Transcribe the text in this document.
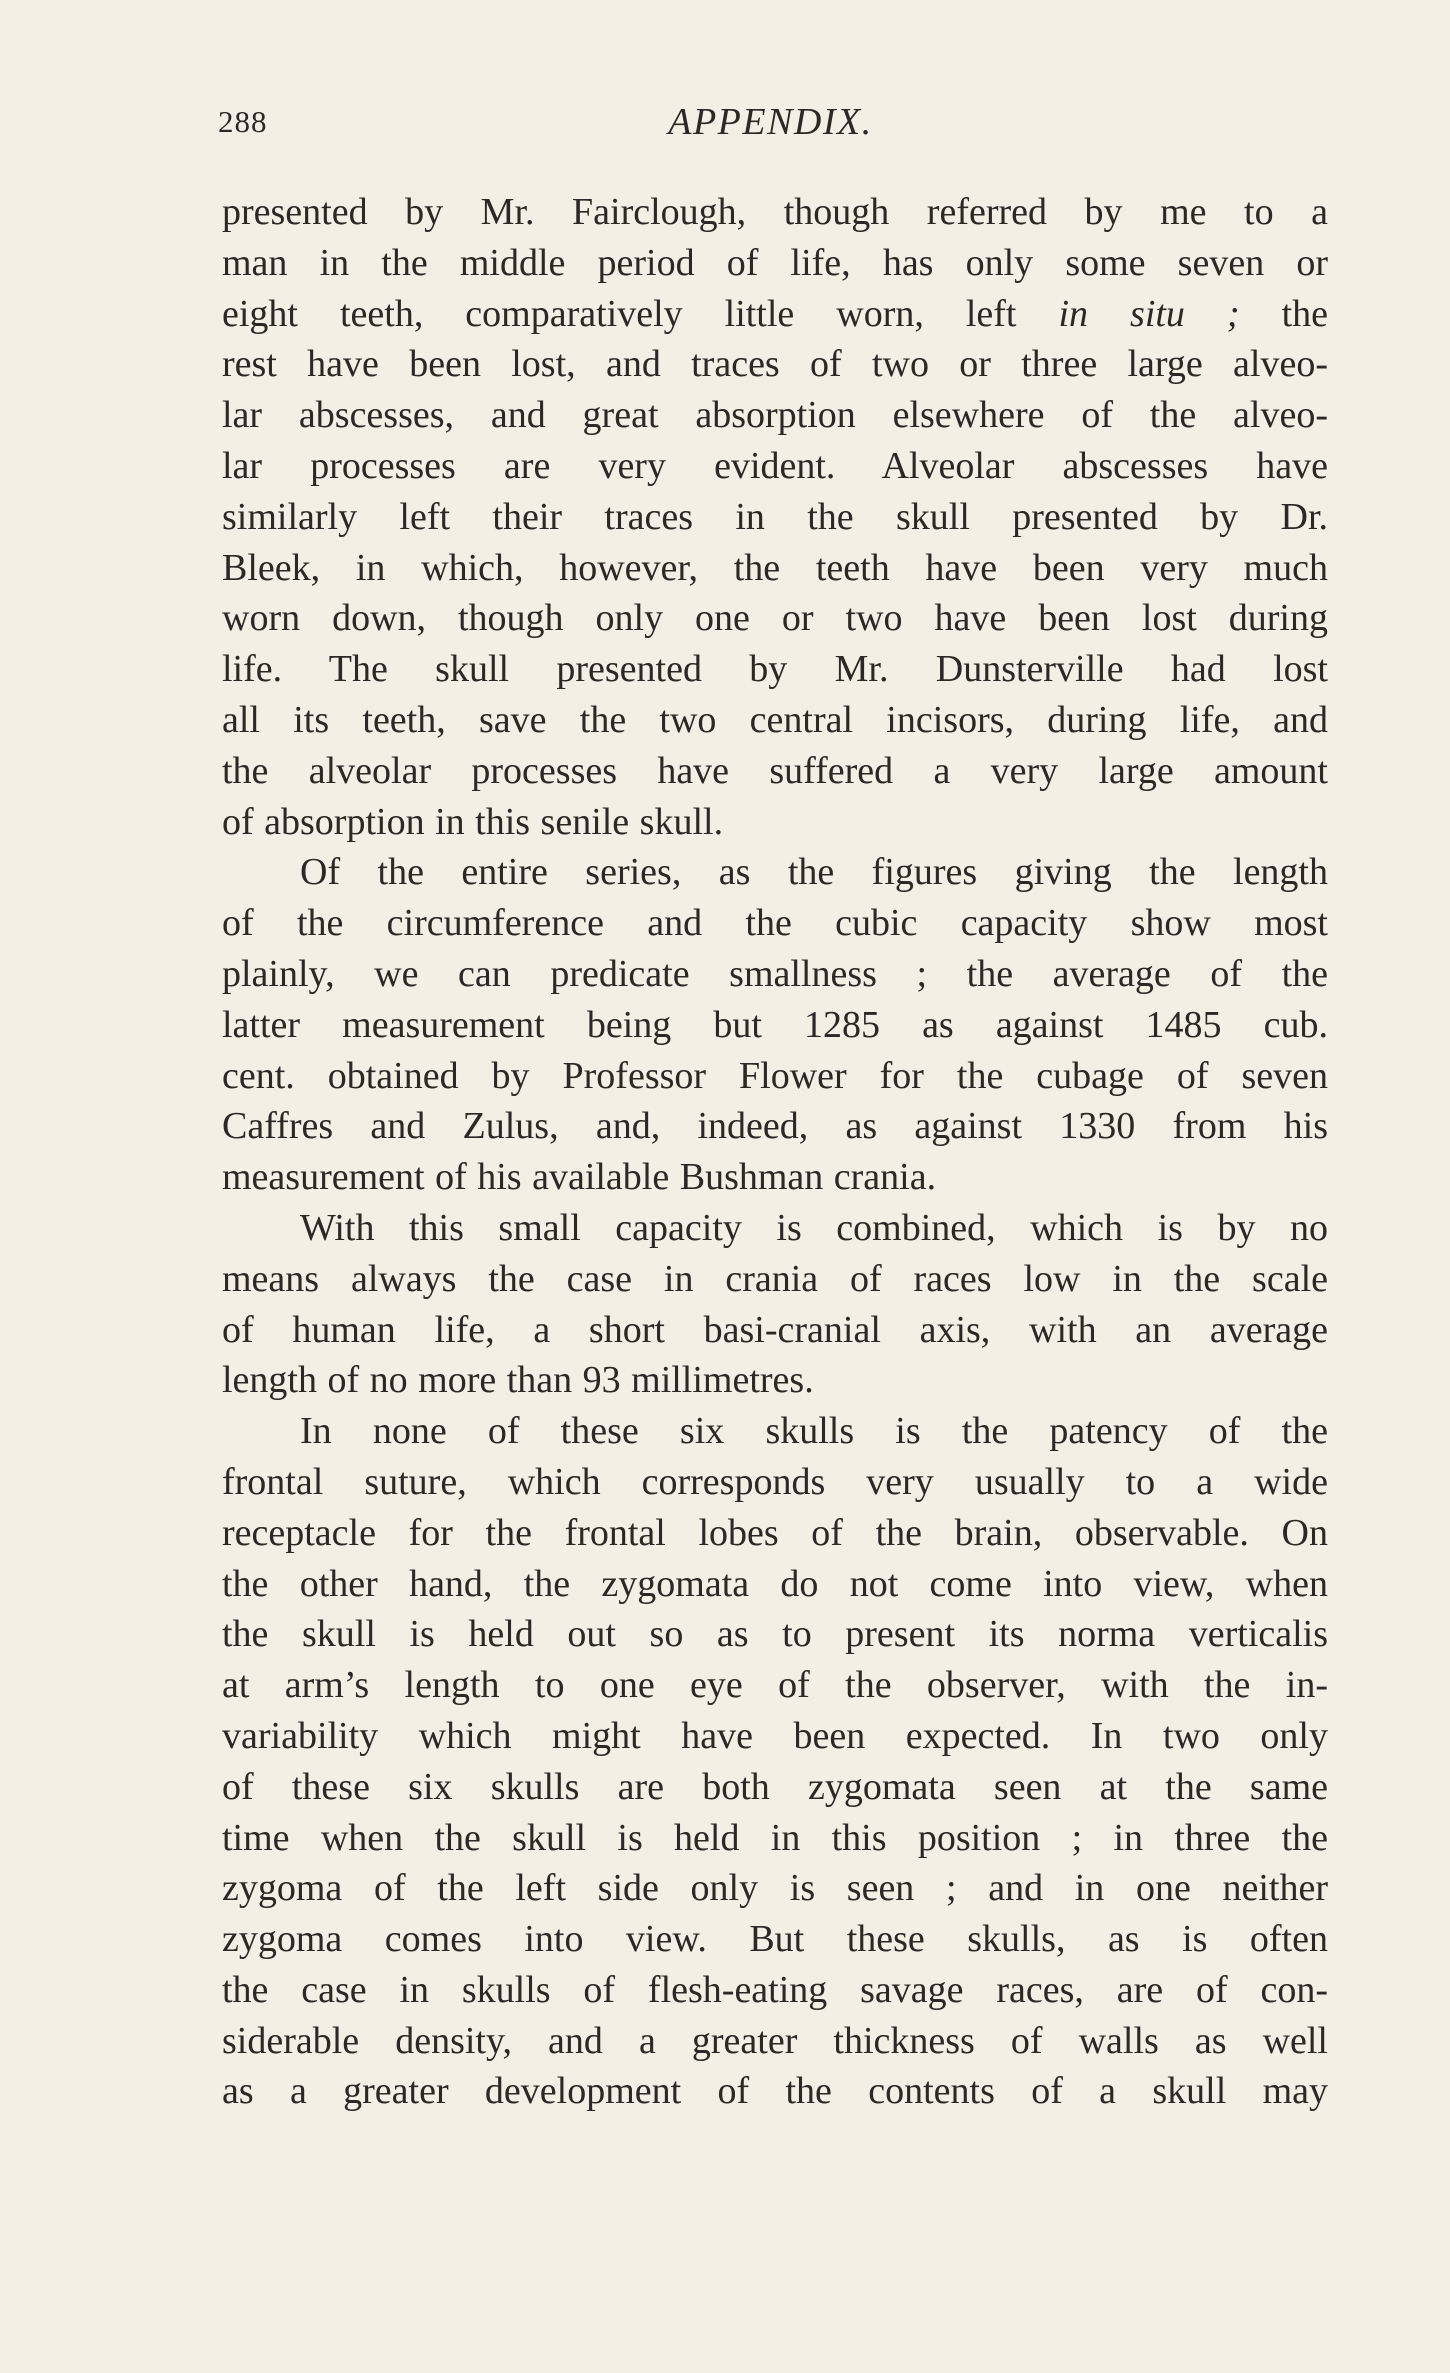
288	APPENDIX.
presented by Mr. Fairclough, though referred by me to a
man in the middle period of life, has only some seven or
eight teeth, comparatively little worn, left in situ ; the
rest have been lost, and traces of two or three large alveo-
lar abscesses, and great absorption elsewhere of the alveo-
lar processes are very evident. Alveolar abscesses have
similarly left their traces in the skull presented by Dr.
Bleek, in which, however, the teeth have been very much
worn down, though only one or two have been lost during
life. The skull presented by Mr. Dunsterville had lost
all its teeth, save the two central incisors, during life, and
the alveolar processes have suffered a very large amount
of absorption in this senile skull.
Of the entire series, as the figures giving the length
of the circumference and the cubic capacity show most
plainly, we can predicate smallness ; the average of the
latter measurement being but 1285 as against 1485 cub.
cent. obtained by Professor Flower for the cubage of seven
Caffres and Zulus, and, indeed, as against 1330 from his
measurement of his available Bushman crania.
With this small capacity is combined, which is by no
means always the case in crania of races low in the scale
of human life, a short basi-cranial axis, with an average
length of no more than 93 millimetres.
In none of these six skulls is the patency of the
frontal suture, which corresponds very usually to a wide
receptacle for the frontal lobes of the brain, observable. On
the other hand, the zygomata do not come into view, when
the skull is held out so as to present its norma verticalis
at arm’s length to one eye of the observer, with the in-
variability which might have been expected. In two only
of these six skulls are both zygomata seen at the same
time when the skull is held in this position ; in three the
zygoma of the left side only is seen ; and in one neither
zygoma comes into view. But these skulls, as is often
the case in skulls of flesh-eating savage races, are of con-
siderable density, and a greater thickness of walls as well
as a greater development of the contents of a skull may
